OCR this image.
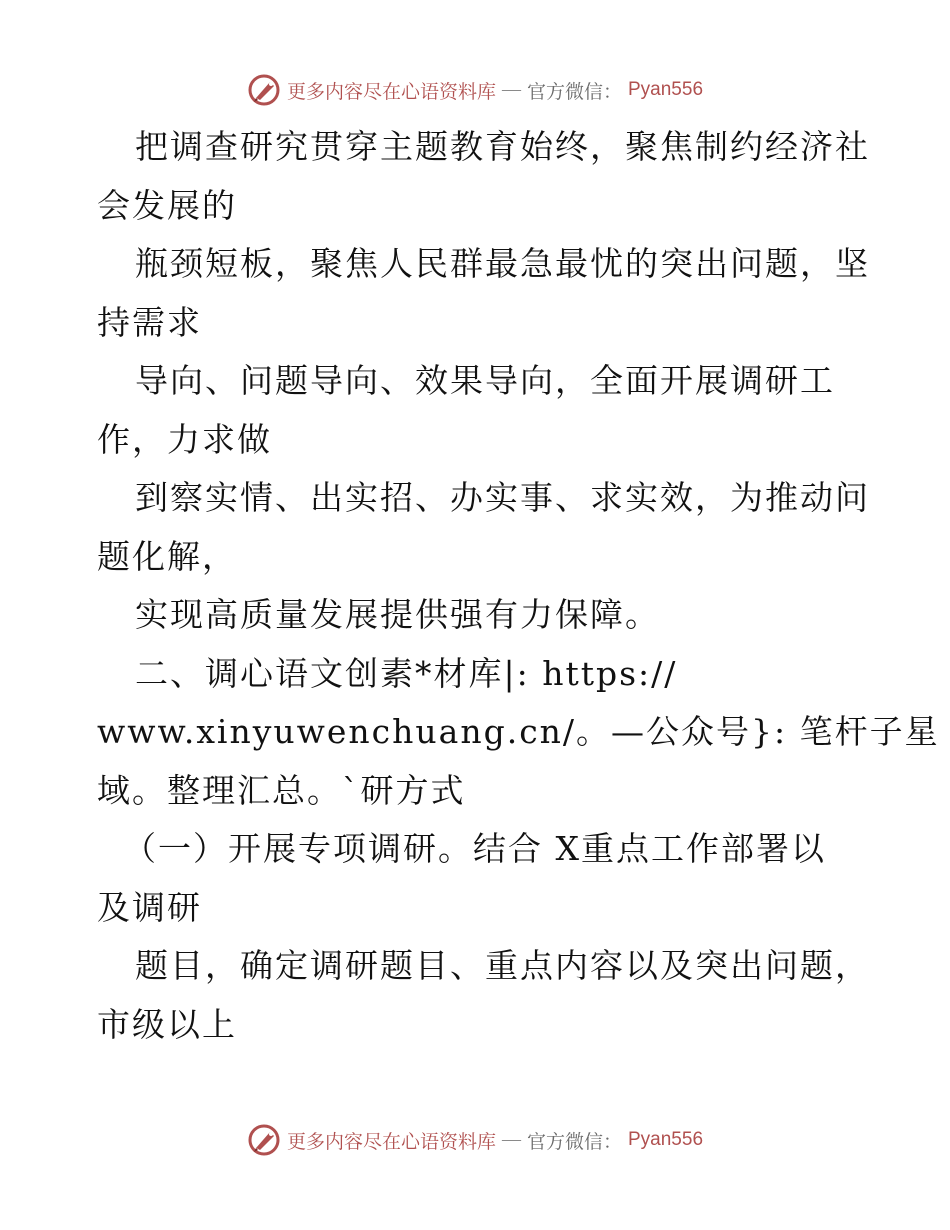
更多内容尽在心语资料库 — 官方微信： Pyan556
把调查研究贯穿主题教育始终，聚焦制约经济社
会发展的
瓶颈短板，聚焦人民群最急最忧的突出问题，坚
持需求
导向、问题导向、效果导向，全面开展调研工
作，力求做
到察实情、出实招、办实事、求实效，为推动问
题化解，
实现高质量发展提供强有力保障。
二、调心语文创素*材库|: https://
www.xinyuwenchuang.cn/。—公众号}: 笔杆子星
域。整理汇总。`研方式
（一）开展专项调研。结合 X重点工作部署以
及调研
题目，确定调研题目、重点内容以及突出问题，
市级以上
更多内容尽在心语资料库 — 官方微信： Pyan556
